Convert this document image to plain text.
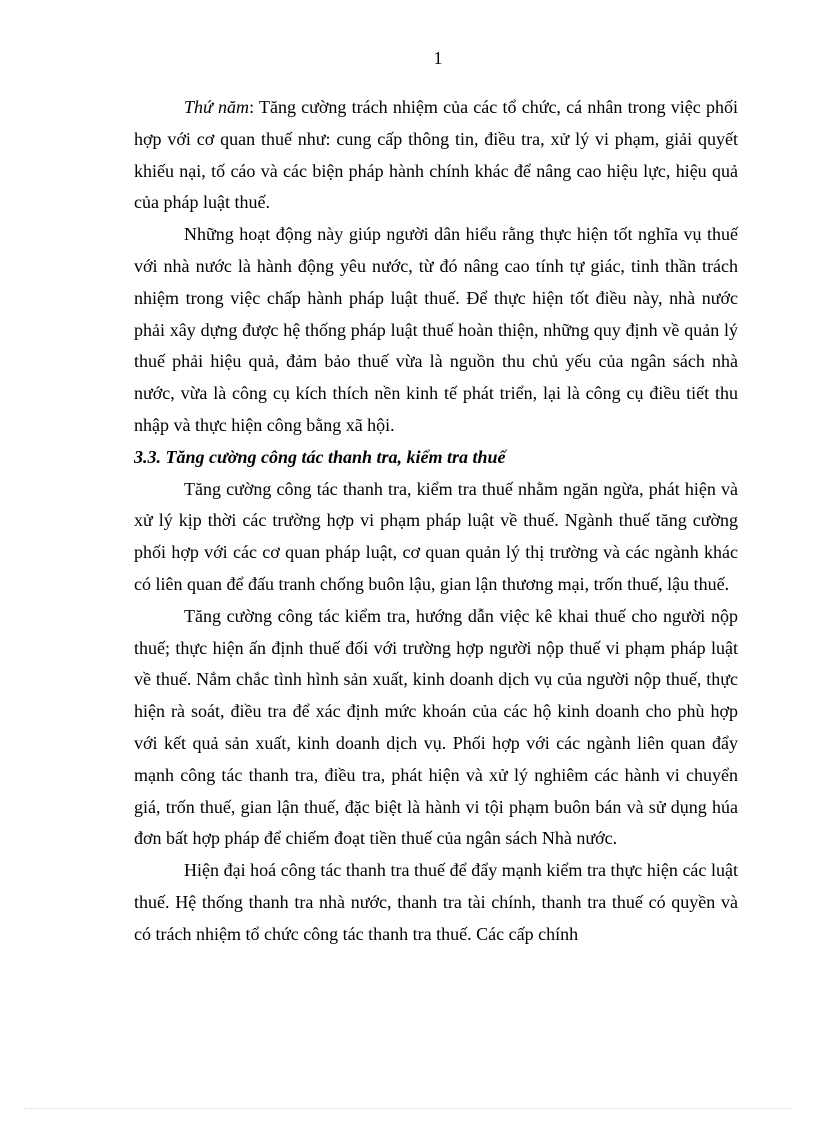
1

Thứ năm: Tăng cường trách nhiệm của các tổ chức, cá nhân trong việc phối hợp với cơ quan thuế như: cung cấp thông tin, điều tra, xử lý vi phạm, giải quyết khiếu nại, tố cáo và các biện pháp hành chính khác để nâng cao hiệu lực, hiệu quả của pháp luật thuế.

Những hoạt động này giúp người dân hiểu rằng thực hiện tốt nghĩa vụ thuế với nhà nước là hành động yêu nước, từ đó nâng cao tính tự giác, tinh thần trách nhiệm trong việc chấp hành pháp luật thuế. Để thực hiện tốt điều này, nhà nước phải xây dựng được hệ thống pháp luật thuế hoàn thiện, những quy định về quản lý thuế phải hiệu quả, đảm bảo thuế vừa là nguồn thu chủ yếu của ngân sách nhà nước, vừa là công cụ kích thích nền kinh tế phát triển, lại là công cụ điều tiết thu nhập và thực hiện công bằng xã hội.

3.3. Tăng cường công tác thanh tra, kiểm tra thuế

Tăng cường công tác thanh tra, kiểm tra thuế nhằm ngăn ngừa, phát hiện và xử lý kịp thời các trường hợp vi phạm pháp luật về thuế. Ngành thuế tăng cường phối hợp với các cơ quan pháp luật, cơ quan quản lý thị trường và các ngành khác có liên quan để đấu tranh chống buôn lậu, gian lận thương mại, trốn thuế, lậu thuế.

Tăng cường công tác kiểm tra, hướng dẫn việc kê khai thuế cho người nộp thuế; thực hiện ấn định thuế đối với trường hợp người nộp thuế vi phạm pháp luật về thuế. Nắm chắc tình hình sản xuất, kinh doanh dịch vụ của người nộp thuế, thực hiện rà soát, điều tra để xác định mức khoán của các hộ kinh doanh cho phù hợp với kết quả sản xuất, kinh doanh dịch vụ. Phối hợp với các ngành liên quan đẩy mạnh công tác thanh tra, điều tra, phát hiện và xử lý nghiêm các hành vi chuyển giá, trốn thuế, gian lận thuế, đặc biệt là hành vi tội phạm buôn bán và sử dụng húa đơn bất hợp pháp để chiếm đoạt tiền thuế của ngân sách Nhà nước.

Hiện đại hoá công tác thanh tra thuế để đẩy mạnh kiểm tra thực hiện các luật thuế. Hệ thống thanh tra nhà nước, thanh tra tài chính, thanh tra thuế có quyền và có trách nhiệm tổ chức công tác thanh tra thuế. Các cấp chính
